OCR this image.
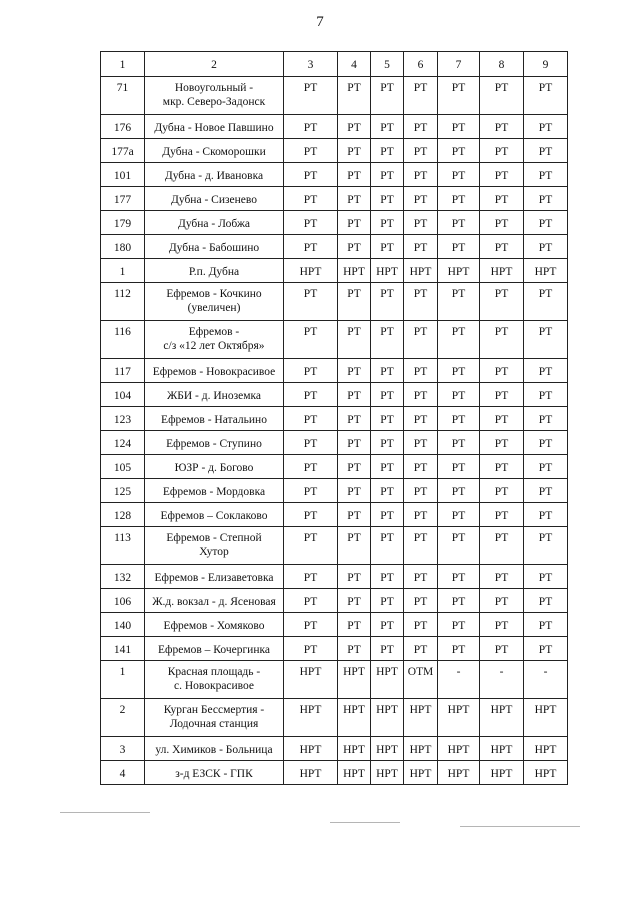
7
1	2	3	4	5	6	7	8	9
71	Новоугольный -
мкр. Северо-Задонск	РТ	РТ	РТ	РТ	РТ	РТ	РТ
176	Дубна - Новое Павшино	РТ	РТ	РТ	РТ	РТ	РТ	РТ
177а	Дубна - Скоморошки	РТ	РТ	РТ	РТ	РТ	РТ	РТ
101	Дубна - д. Ивановка	РТ	РТ	РТ	РТ	РТ	РТ	РТ
177	Дубна - Сизенево	РТ	РТ	РТ	РТ	РТ	РТ	РТ
179	Дубна - Лобжа	РТ	РТ	РТ	РТ	РТ	РТ	РТ
180	Дубна - Бабошино	РТ	РТ	РТ	РТ	РТ	РТ	РТ
1	Р.п. Дубна	НРТ	НРТ	НРТ	НРТ	НРТ	НРТ	НРТ
112	Ефремов - Кочкино
(увеличен)	РТ	РТ	РТ	РТ	РТ	РТ	РТ
116	Ефремов -
с/з «12 лет Октября»	РТ	РТ	РТ	РТ	РТ	РТ	РТ
117	Ефремов - Новокрасивое	РТ	РТ	РТ	РТ	РТ	РТ	РТ
104	ЖБИ - д. Иноземка	РТ	РТ	РТ	РТ	РТ	РТ	РТ
123	Ефремов - Натальино	РТ	РТ	РТ	РТ	РТ	РТ	РТ
124	Ефремов - Ступино	РТ	РТ	РТ	РТ	РТ	РТ	РТ
105	ЮЗР - д. Богово	РТ	РТ	РТ	РТ	РТ	РТ	РТ
125	Ефремов - Мордовка	РТ	РТ	РТ	РТ	РТ	РТ	РТ
128	Ефремов – Соклаково	РТ	РТ	РТ	РТ	РТ	РТ	РТ
113	Ефремов - Степной
Хутор	РТ	РТ	РТ	РТ	РТ	РТ	РТ
132	Ефремов - Елизаветовка	РТ	РТ	РТ	РТ	РТ	РТ	РТ
106	Ж.д. вокзал - д. Ясеновая	РТ	РТ	РТ	РТ	РТ	РТ	РТ
140	Ефремов - Хомяково	РТ	РТ	РТ	РТ	РТ	РТ	РТ
141	Ефремов – Кочергинка	РТ	РТ	РТ	РТ	РТ	РТ	РТ
1	Красная площадь -
с. Новокрасивое	НРТ	НРТ	НРТ	ОТМ	-	-	-
2	Курган Бессмертия -
Лодочная станция	НРТ	НРТ	НРТ	НРТ	НРТ	НРТ	НРТ
3	ул. Химиков - Больница	НРТ	НРТ	НРТ	НРТ	НРТ	НРТ	НРТ
4	з-д ЕЗСК - ГПК	НРТ	НРТ	НРТ	НРТ	НРТ	НРТ	НРТ
